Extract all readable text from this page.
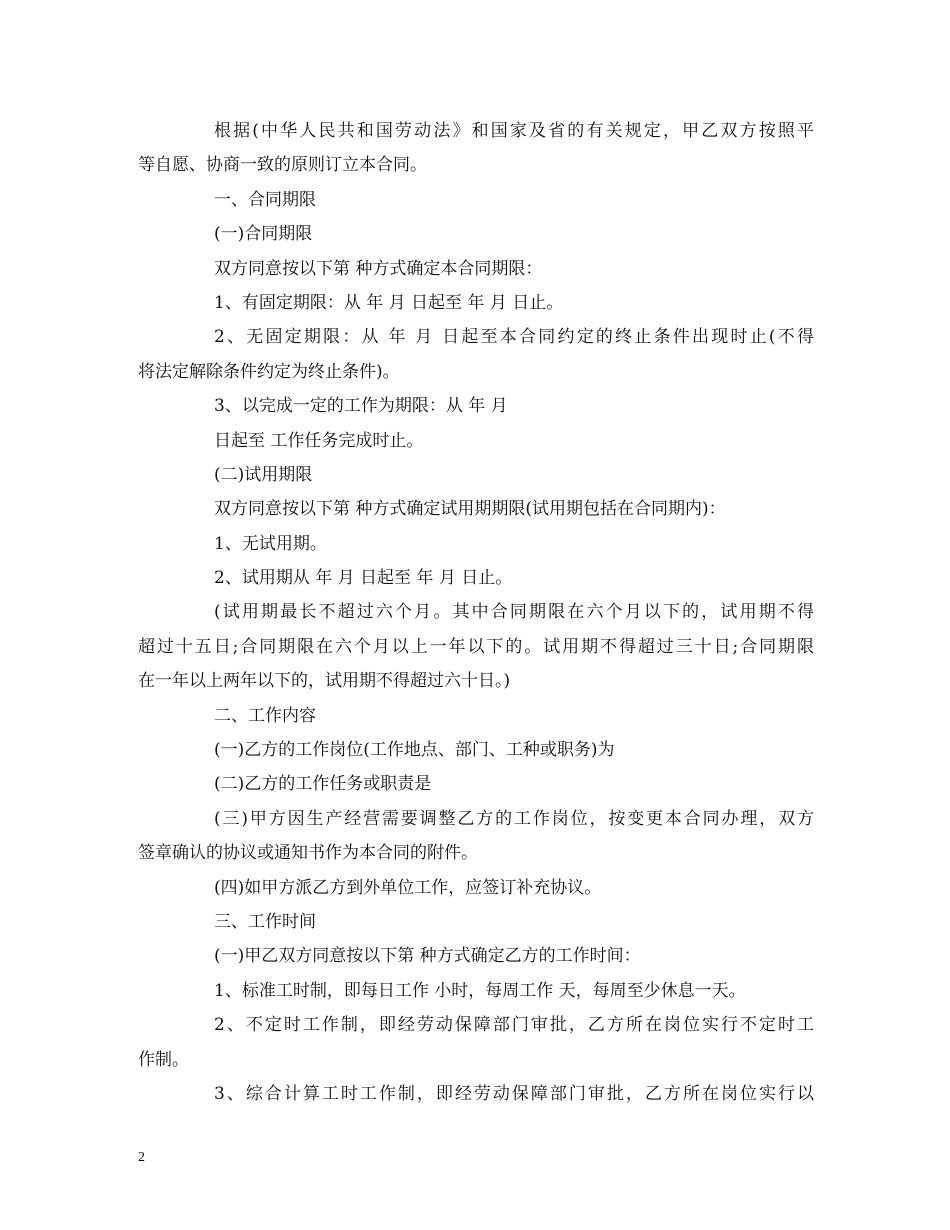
根据(中华人民共和国劳动法》和国家及省的有关规定，甲乙双方按照平
等自愿、协商一致的原则订立本合同。
一、合同期限
(一)合同期限
双方同意按以下第 种方式确定本合同期限：
1、有固定期限：从 年 月 日起至 年 月 日止。
2、无固定期限：从 年 月 日起至本合同约定的终止条件出现时止(不得
将法定解除条件约定为终止条件)。
3、以完成一定的工作为期限：从 年 月
日起至 工作任务完成时止。
(二)试用期限
双方同意按以下第 种方式确定试用期期限(试用期包括在合同期内)：
1、无试用期。
2、试用期从 年 月 日起至 年 月 日止。
(试用期最长不超过六个月。其中合同期限在六个月以下的，试用期不得
超过十五日;合同期限在六个月以上一年以下的。试用期不得超过三十日;合同期限
在一年以上两年以下的，试用期不得超过六十日。)
二、工作内容
(一)乙方的工作岗位(工作地点、部门、工种或职务)为
(二)乙方的工作任务或职责是
(三)甲方因生产经营需要调整乙方的工作岗位，按变更本合同办理，双方
签章确认的协议或通知书作为本合同的附件。
(四)如甲方派乙方到外单位工作，应签订补充协议。
三、工作时间
(一)甲乙双方同意按以下第 种方式确定乙方的工作时间：
1、标准工时制，即每日工作 小时，每周工作 天，每周至少休息一天。
2、不定时工作制，即经劳动保障部门审批，乙方所在岗位实行不定时工
作制。
3、综合计算工时工作制，即经劳动保障部门审批，乙方所在岗位实行以
2
